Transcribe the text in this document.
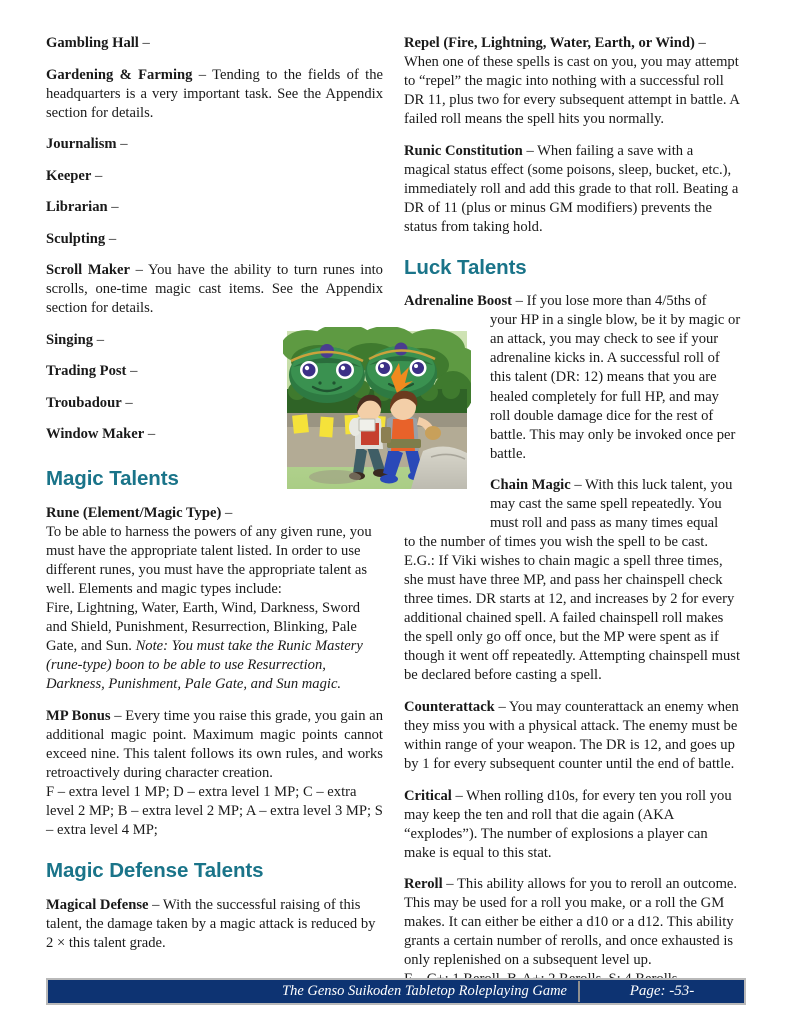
Gambling Hall –

Gardening & Farming – Tending to the fields of the headquarters is a very important task. See the Appendix section for details.

Journalism –

Keeper –

Librarian –

Sculpting –

Scroll Maker – You have the ability to turn runes into scrolls, one-time magic cast items. See the Appendix section for details.

Singing –

Trading Post –

Troubadour –

Window Maker –

Magic Talents

Rune (Element/Magic Type) –

To be able to harness the powers of any given rune, you must have the appropriate talent listed. In order to use different runes, you must have the appropriate talent as well. Elements and magic types include:

Fire, Lightning, Water, Earth, Wind, Darkness, Sword and Shield, Punishment, Resurrection, Blinking, Pale Gate, and Sun. Note: You must take the Runic Mastery (rune-type) boon to be able to use Resurrection, Darkness, Punishment, Pale Gate, and Sun magic.

MP Bonus – Every time you raise this grade, you gain an additional magic point. Maximum magic points cannot exceed nine. This talent follows its own rules, and works retroactively during character creation.

F – extra level 1 MP; D – extra level 1 MP; C – extra level 2 MP; B – extra level 2 MP; A – extra level 3 MP; S – extra level 4 MP;

Magic Defense Talents

Magical Defense – With the successful raising of this talent, the damage taken by a magic attack is reduced by 2 × this talent grade.

Repel (Fire, Lightning, Water, Earth, or Wind) – When one of these spells is cast on you, you may attempt to “repel” the magic into nothing with a successful roll DR 11, plus two for every subsequent attempt in battle. A failed roll means the spell hits you normally.

Runic Constitution – When failing a save with a magical status effect (some poisons, sleep, bucket, etc.), immediately roll and add this grade to that roll. Beating a DR of 11 (plus or minus GM modifiers) prevents the status from taking hold.

Luck Talents

Adrenaline Boost – If you lose more than 4/5ths of

your HP in a single blow, be it by magic or an attack, you may check to see if your adrenaline kicks in. A successful roll of this talent (DR: 12) means that you are healed completely for full HP, and may roll double damage dice for the rest of battle. This may only be invoked once per battle.

Chain Magic – With this luck talent, you may cast the same spell repeatedly. You must roll and pass as many times equal

to the number of times you wish the spell to be cast. E.G.: If Viki wishes to chain magic a spell three times, she must have three MP, and pass her chainspell check three times. DR starts at 12, and increases by 2 for every additional chained spell. A failed chainspell roll makes the spell only go off once, but the MP were spent as if though it went off repeatedly. Attempting chainspell must be declared before casting a spell.

Counterattack – You may counterattack an enemy when they miss you with a physical attack. The enemy must be within range of your weapon. The DR is 12, and goes up by 1 for every subsequent counter until the end of battle.

Critical – When rolling d10s, for every ten you roll you may keep the ten and roll that die again (AKA “explodes”). The number of explosions a player can make is equal to this stat.

Reroll – This ability allows for you to reroll an outcome. This may be used for a roll you make, or a roll the GM makes. It can either be either a d10 or a d12. This ability grants a certain number of rerolls, and once exhausted is only replenished on a subsequent level up.

The Genso Suikoden Tabletop Roleplaying Game	Page: -53-
